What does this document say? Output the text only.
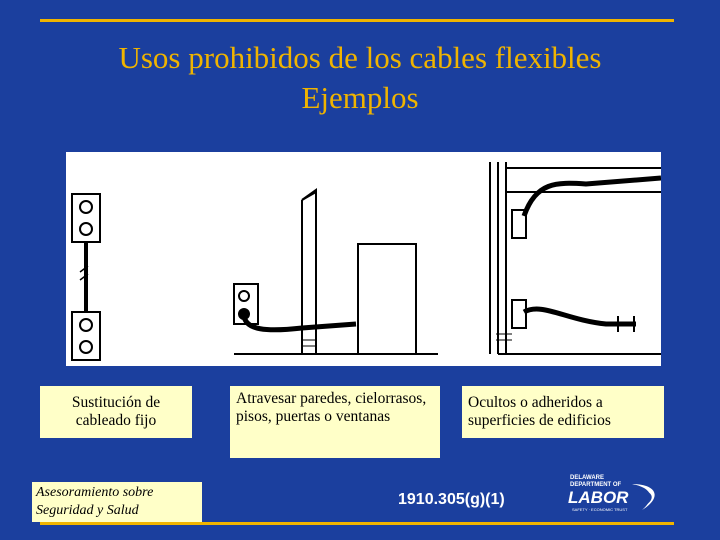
Usos prohibidos de los cables flexibles
Ejemplos
Sustitución de cableado fijo
Atravesar paredes, cielorrasos, pisos, puertas o ventanas
Ocultos o adheridos a superficies de edificios
Asesoramiento sobre Seguridad y Salud
1910.305(g)(1)
DELAWARE
DEPARTMENT OF
LABOR
SAFETY · ECONOMIC TRUST
